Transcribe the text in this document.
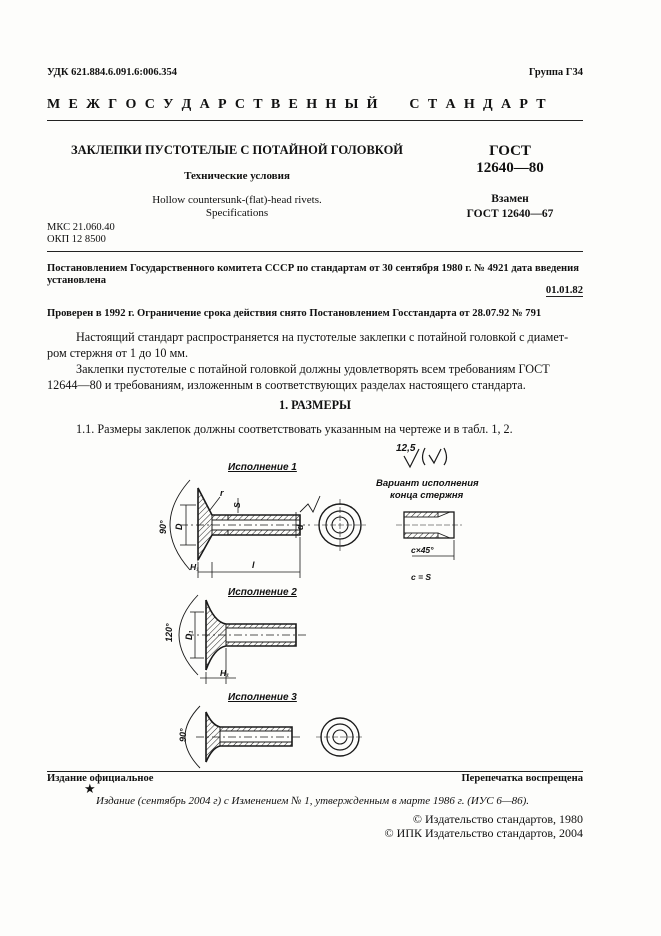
УДК 621.884.6.091.6:006.354	Группа Г34
М Е Ж Г О С У Д А Р С Т В Е Н Н Ы Й     С Т А Н Д А Р Т
ЗАКЛЕПКИ ПУСТОТЕЛЫЕ С ПОТАЙНОЙ ГОЛОВКОЙ
Технические условия
Hollow countersunk-(flat)-head rivets.
Specifications
ГОСТ
12640—80
Взамен
ГОСТ 12640—67
МКС 21.060.40
ОКП 12 8500
Постановлением Государственного комитета СССР по стандартам от 30 сентября 1980 г. № 4921 дата введения установлена
01.01.82
Проверен в 1992 г. Ограничение срока действия снято Постановлением Госстандарта от 28.07.92 № 791
Настоящий стандарт распространяется на пустотелые заклепки с потайной головкой с диамет-
ром стержня от 1 до 10 мм.
Заклепки пустотелые с потайной головкой должны удовлетворять всем требованиям ГОСТ
12644—80 и требованиям, изложенным в соответствующих разделах настоящего стандарта.
1. РАЗМЕРЫ
1.1. Размеры заклепок должны соответствовать указанным на чертеже и в табл. 1, 2.
12,5
Исполнение 1
Вариант исполнения
конца стержня
90°
r
S
D	d
H₁	l
c×45°
c = S
Исполнение 2
120° D₁
H₁
Исполнение 3
90°
Издание официальное	Перепечатка воспрещена
★
Издание (сентябрь 2004 г) с Изменением № 1, утвержденным в марте 1986 г. (ИУС 6—86).
© Издательство стандартов, 1980
© ИПК Издательство стандартов, 2004
